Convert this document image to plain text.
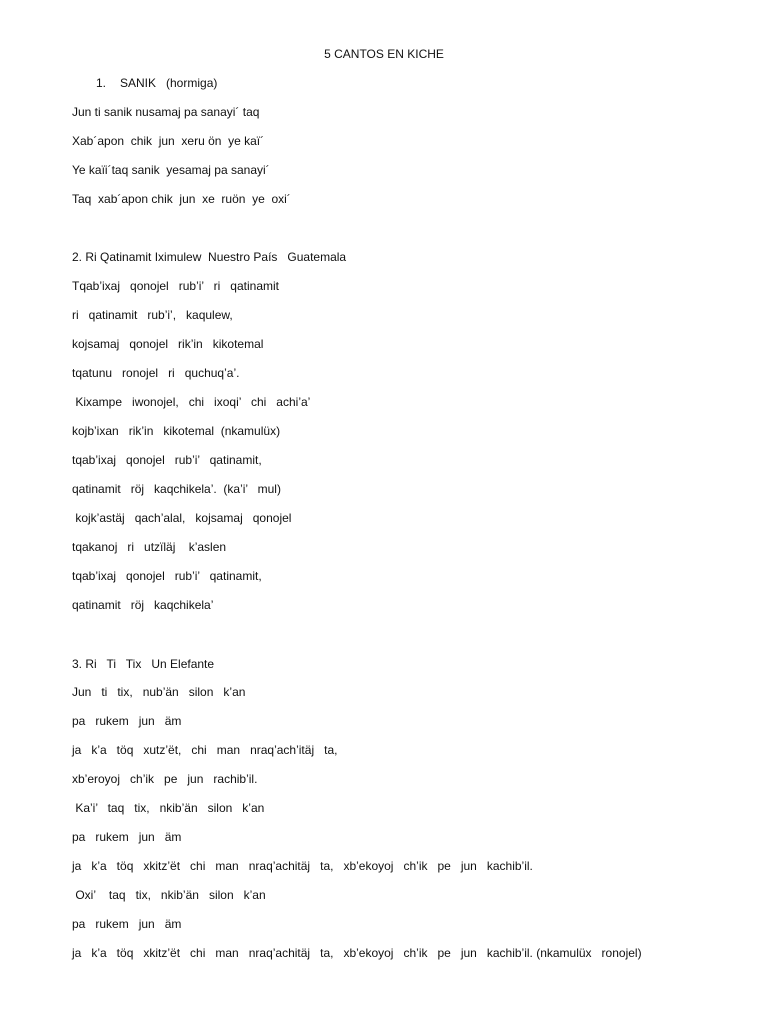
5 CANTOS EN KICHE
1. SANIK   (hormiga)
Jun ti sanik nusamaj pa sanayi´ taq
Xab´apon  chik  jun  xeru ön  ye kaï´
Ye kaïi´taq sanik  yesamaj pa sanayi´
Taq  xab´apon chik  jun  xe  ruön  ye  oxi´
2. Ri Qatinamit Iximulew  Nuestro País   Guatemala
Tqab’ixaj   qonojel   rub’i’   ri   qatinamit
ri   qatinamit   rub’i’,   kaqulew,
kojsamaj   qonojel   rik’in   kikotemal
tqatunu   ronojel   ri   quchuq’a’.
Kixampe   iwonojel,   chi   ixoqi’   chi   achi’a’
kojb’ixan   rik’in   kikotemal  (nkamulüx)
tqab’ixaj   qonojel   rub’i’   qatinamit,
qatinamit   röj   kaqchikela’.  (ka’i’   mul)
kojk’astäj   qach’alal,   kojsamaj   qonojel
tqakanoj   ri   utzïläj    k’aslen
tqab’ixaj   qonojel   rub’i’   qatinamit,
qatinamit   röj   kaqchikela’
3. Ri   Ti   Tix   Un Elefante
Jun   ti   tix,   nub’än   silon   k’an
pa   rukem   jun   äm
ja   k’a   töq   xutz’ët,   chi   man   nraq’ach’itäj   ta,
xb’eroyoj   ch’ik   pe   jun   rachib’il.
Ka’i’   taq   tix,   nkib’än   silon   k’an
pa   rukem   jun   äm
ja   k’a   töq   xkitz’ët   chi   man   nraq’achitäj   ta,   xb’ekoyoj   ch’ik   pe   jun   kachib’il.
Oxi’    taq   tix,   nkib’än   silon   k’an
pa   rukem   jun   äm
ja   k’a   töq   xkitz’ët   chi   man   nraq’achitäj   ta,   xb’ekoyoj   ch’ik   pe   jun   kachib’il. (nkamulüx   ronojel)
